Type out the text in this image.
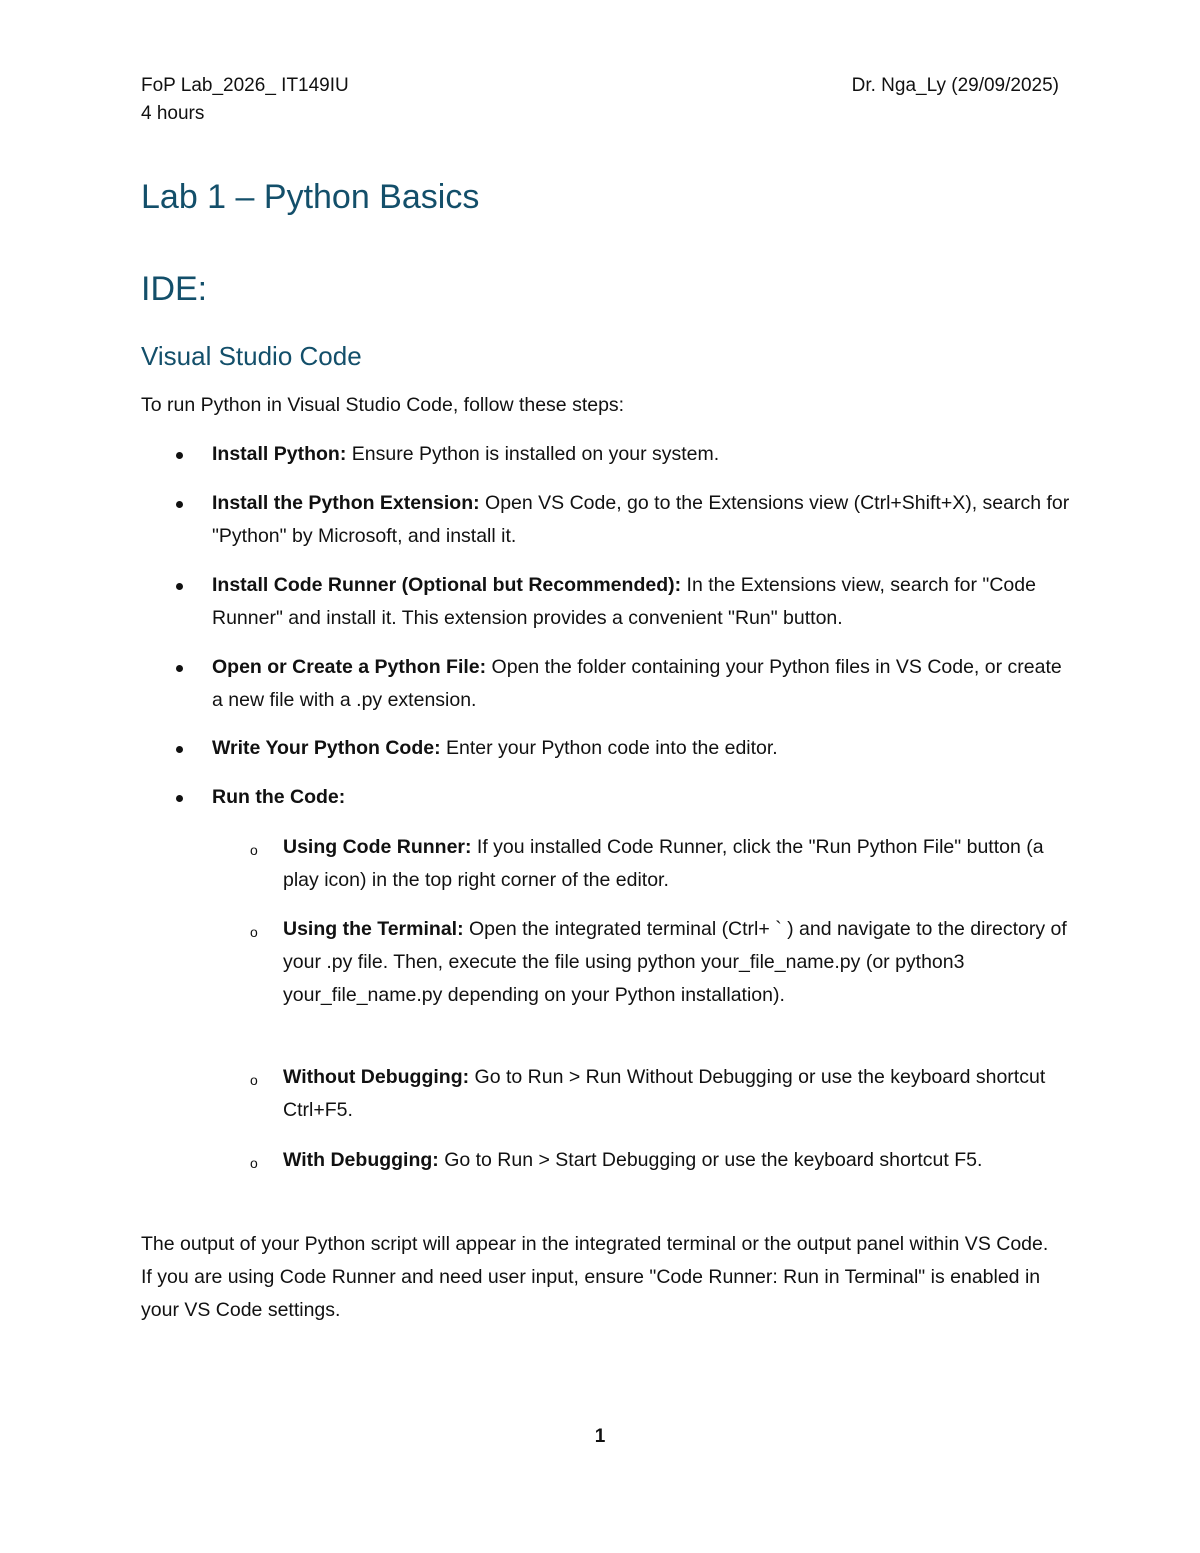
FoP Lab_2026_ IT149IU
4 hours
Dr. Nga_Ly (29/09/2025)
Lab 1 – Python Basics
IDE:
Visual Studio Code
To run Python in Visual Studio Code, follow these steps:
Install Python: Ensure Python is installed on your system.
Install the Python Extension: Open VS Code, go to the Extensions view (Ctrl+Shift+X), search for "Python" by Microsoft, and install it.
Install Code Runner (Optional but Recommended): In the Extensions view, search for "Code Runner" and install it. This extension provides a convenient "Run" button.
Open or Create a Python File: Open the folder containing your Python files in VS Code, or create a new file with a .py extension.
Write Your Python Code: Enter your Python code into the editor.
Run the Code:
o Using Code Runner: If you installed Code Runner, click the "Run Python File" button (a play icon) in the top right corner of the editor.
o Using the Terminal: Open the integrated terminal (Ctrl+ ` ) and navigate to the directory of your .py file. Then, execute the file using python your_file_name.py (or python3 your_file_name.py depending on your Python installation).
o Without Debugging: Go to Run > Run Without Debugging or use the keyboard shortcut Ctrl+F5.
o With Debugging: Go to Run > Start Debugging or use the keyboard shortcut F5.
The output of your Python script will appear in the integrated terminal or the output panel within VS Code. If you are using Code Runner and need user input, ensure "Code Runner: Run in Terminal" is enabled in your VS Code settings.
1
